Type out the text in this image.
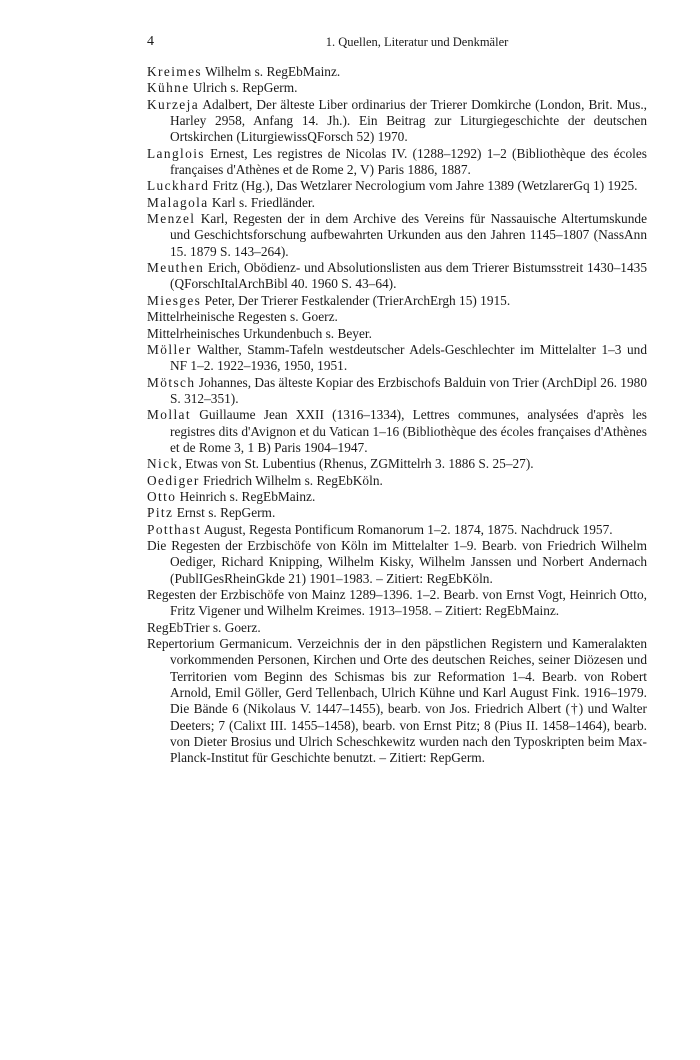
4	1. Quellen, Literatur und Denkmäler

Kreimes Wilhelm s. RegEbMainz.

Kühne Ulrich s. RepGerm.

Kurzeja Adalbert, Der älteste Liber ordinarius der Trierer Domkirche (London, Brit. Mus., Harley 2958, Anfang 14. Jh.). Ein Beitrag zur Liturgiegeschichte der deutschen Ortskirchen (LiturgiewissQForsch 52) 1970.

Langlois Ernest, Les registres de Nicolas IV. (1288–1292) 1–2 (Bibliothèque des écoles françaises d'Athènes et de Rome 2, V) Paris 1886, 1887.

Luckhard Fritz (Hg.), Das Wetzlarer Necrologium vom Jahre 1389 (WetzlarerGq 1) 1925.

Malagola Karl s. Friedländer.

Menzel Karl, Regesten der in dem Archive des Vereins für Nassauische Altertumskunde und Geschichtsforschung aufbewahrten Urkunden aus den Jahren 1145–1807 (NassAnn 15. 1879 S. 143–264).

Meuthen Erich, Obödienz- und Absolutionslisten aus dem Trierer Bistumsstreit 1430–1435 (QForschItalArchBibl 40. 1960 S. 43–64).

Miesges Peter, Der Trierer Festkalender (TrierArchErgh 15) 1915.

Mittelrheinische Regesten s. Goerz.

Mittelrheinisches Urkundenbuch s. Beyer.

Möller Walther, Stamm-Tafeln westdeutscher Adels-Geschlechter im Mittelalter 1–3 und NF 1–2. 1922–1936, 1950, 1951.

Mötsch Johannes, Das älteste Kopiar des Erzbischofs Balduin von Trier (ArchDipl 26. 1980 S. 312–351).

Mollat Guillaume Jean XXII (1316–1334), Lettres communes, analysées d'après les registres dits d'Avignon et du Vatican 1–16 (Bibliothèque des écoles françaises d'Athènes et de Rome 3, 1 B) Paris 1904–1947.

Nick, Etwas von St. Lubentius (Rhenus, ZGMittelrh 3. 1886 S. 25–27).

Oediger Friedrich Wilhelm s. RegEbKöln.

Otto Heinrich s. RegEbMainz.

Pitz Ernst s. RepGerm.

Potthast August, Regesta Pontificum Romanorum 1–2. 1874, 1875. Nachdruck 1957.

Die Regesten der Erzbischöfe von Köln im Mittelalter 1–9. Bearb. von Friedrich Wilhelm Oediger, Richard Knipping, Wilhelm Kisky, Wilhelm Janssen und Norbert Andernach (PublIGesRheinGkde 21) 1901–1983. – Zitiert: RegEbKöln.

Regesten der Erzbischöfe von Mainz 1289–1396. 1–2. Bearb. von Ernst Vogt, Heinrich Otto, Fritz Vigener und Wilhelm Kreimes. 1913–1958. – Zitiert: RegEbMainz.

RegEbTrier s. Goerz.

Repertorium Germanicum. Verzeichnis der in den päpstlichen Registern und Kameralakten vorkommenden Personen, Kirchen und Orte des deutschen Reiches, seiner Diözesen und Territorien vom Beginn des Schismas bis zur Reformation 1–4. Bearb. von Robert Arnold, Emil Göller, Gerd Tellenbach, Ulrich Kühne und Karl August Fink. 1916–1979. Die Bände 6 (Nikolaus V. 1447–1455), bearb. von Jos. Friedrich Albert (†) und Walter Deeters; 7 (Calixt III. 1455–1458), bearb. von Ernst Pitz; 8 (Pius II. 1458–1464), bearb. von Dieter Brosius und Ulrich Scheschkewitz wurden nach den Typoskripten beim Max-Planck-Institut für Geschichte benutzt. – Zitiert: RepGerm.
